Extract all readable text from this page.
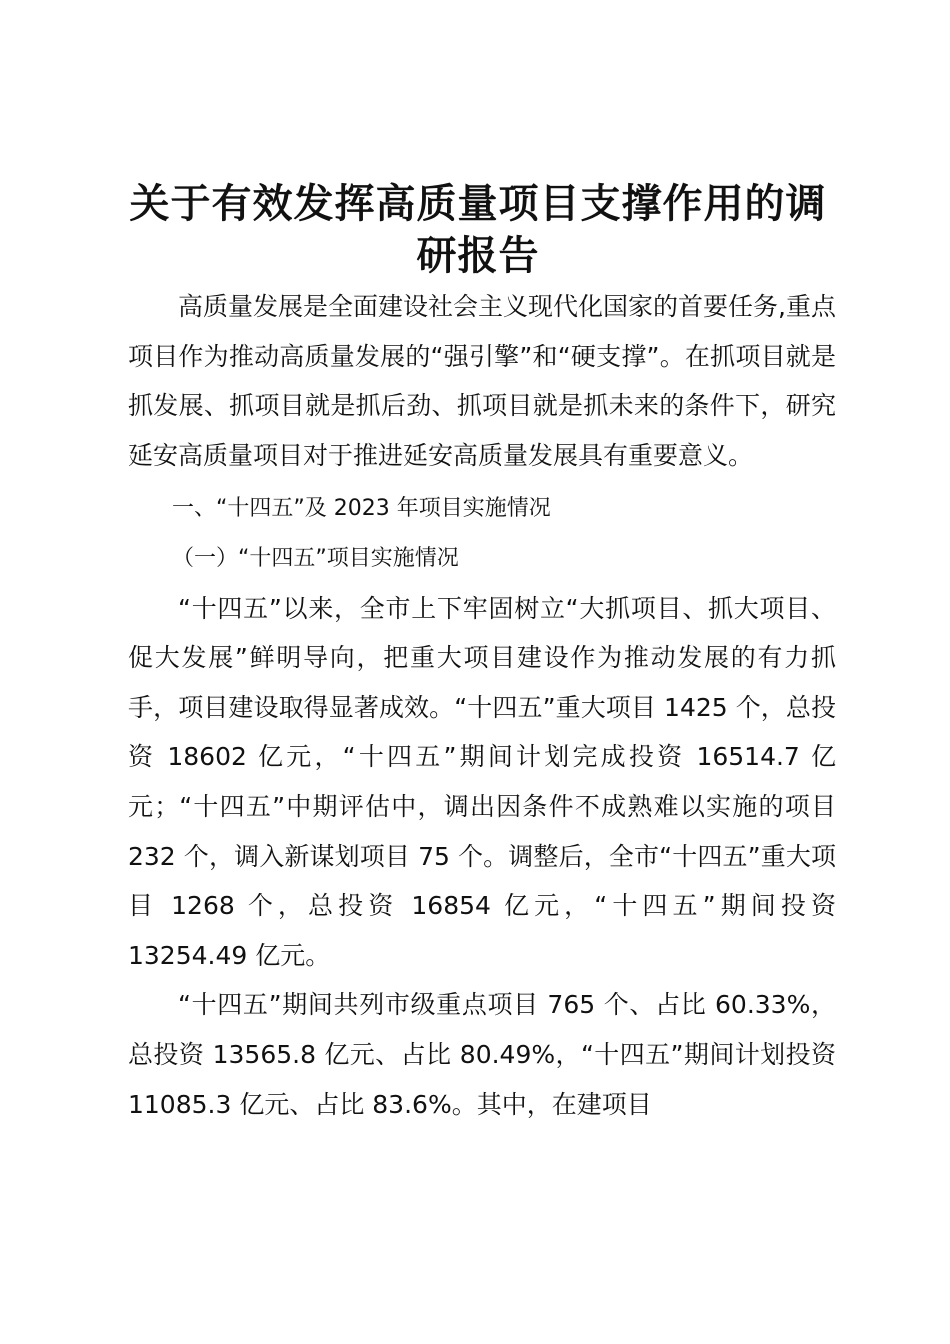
关于有效发挥高质量项目支撑作用的调研报告

高质量发展是全面建设社会主义现代化国家的首要任务,重点项目作为推动高质量发展的“强引擎”和“硬支撑”。在抓项目就是抓发展、抓项目就是抓后劲、抓项目就是抓未来的条件下，研究延安高质量项目对于推进延安高质量发展具有重要意义。

一、“十四五”及 2023 年项目实施情况

（一）“十四五”项目实施情况

“十四五”以来，全市上下牢固树立“大抓项目、抓大项目、促大发展”鲜明导向，把重大项目建设作为推动发展的有力抓手，项目建设取得显著成效。“十四五”重大项目 1425 个，总投资 18602 亿元，“十四五”期间计划完成投资 16514.7 亿元；“十四五”中期评估中，调出因条件不成熟难以实施的项目 232 个，调入新谋划项目 75 个。调整后，全市“十四五”重大项目 1268 个，总投资 16854 亿元，“十四五”期间投资 13254.49 亿元。

“十四五”期间共列市级重点项目 765 个、占比 60.33%，总投资 13565.8 亿元、占比 80.49%，“十四五”期间计划投资 11085.3 亿元、占比 83.6%。其中，在建项目
